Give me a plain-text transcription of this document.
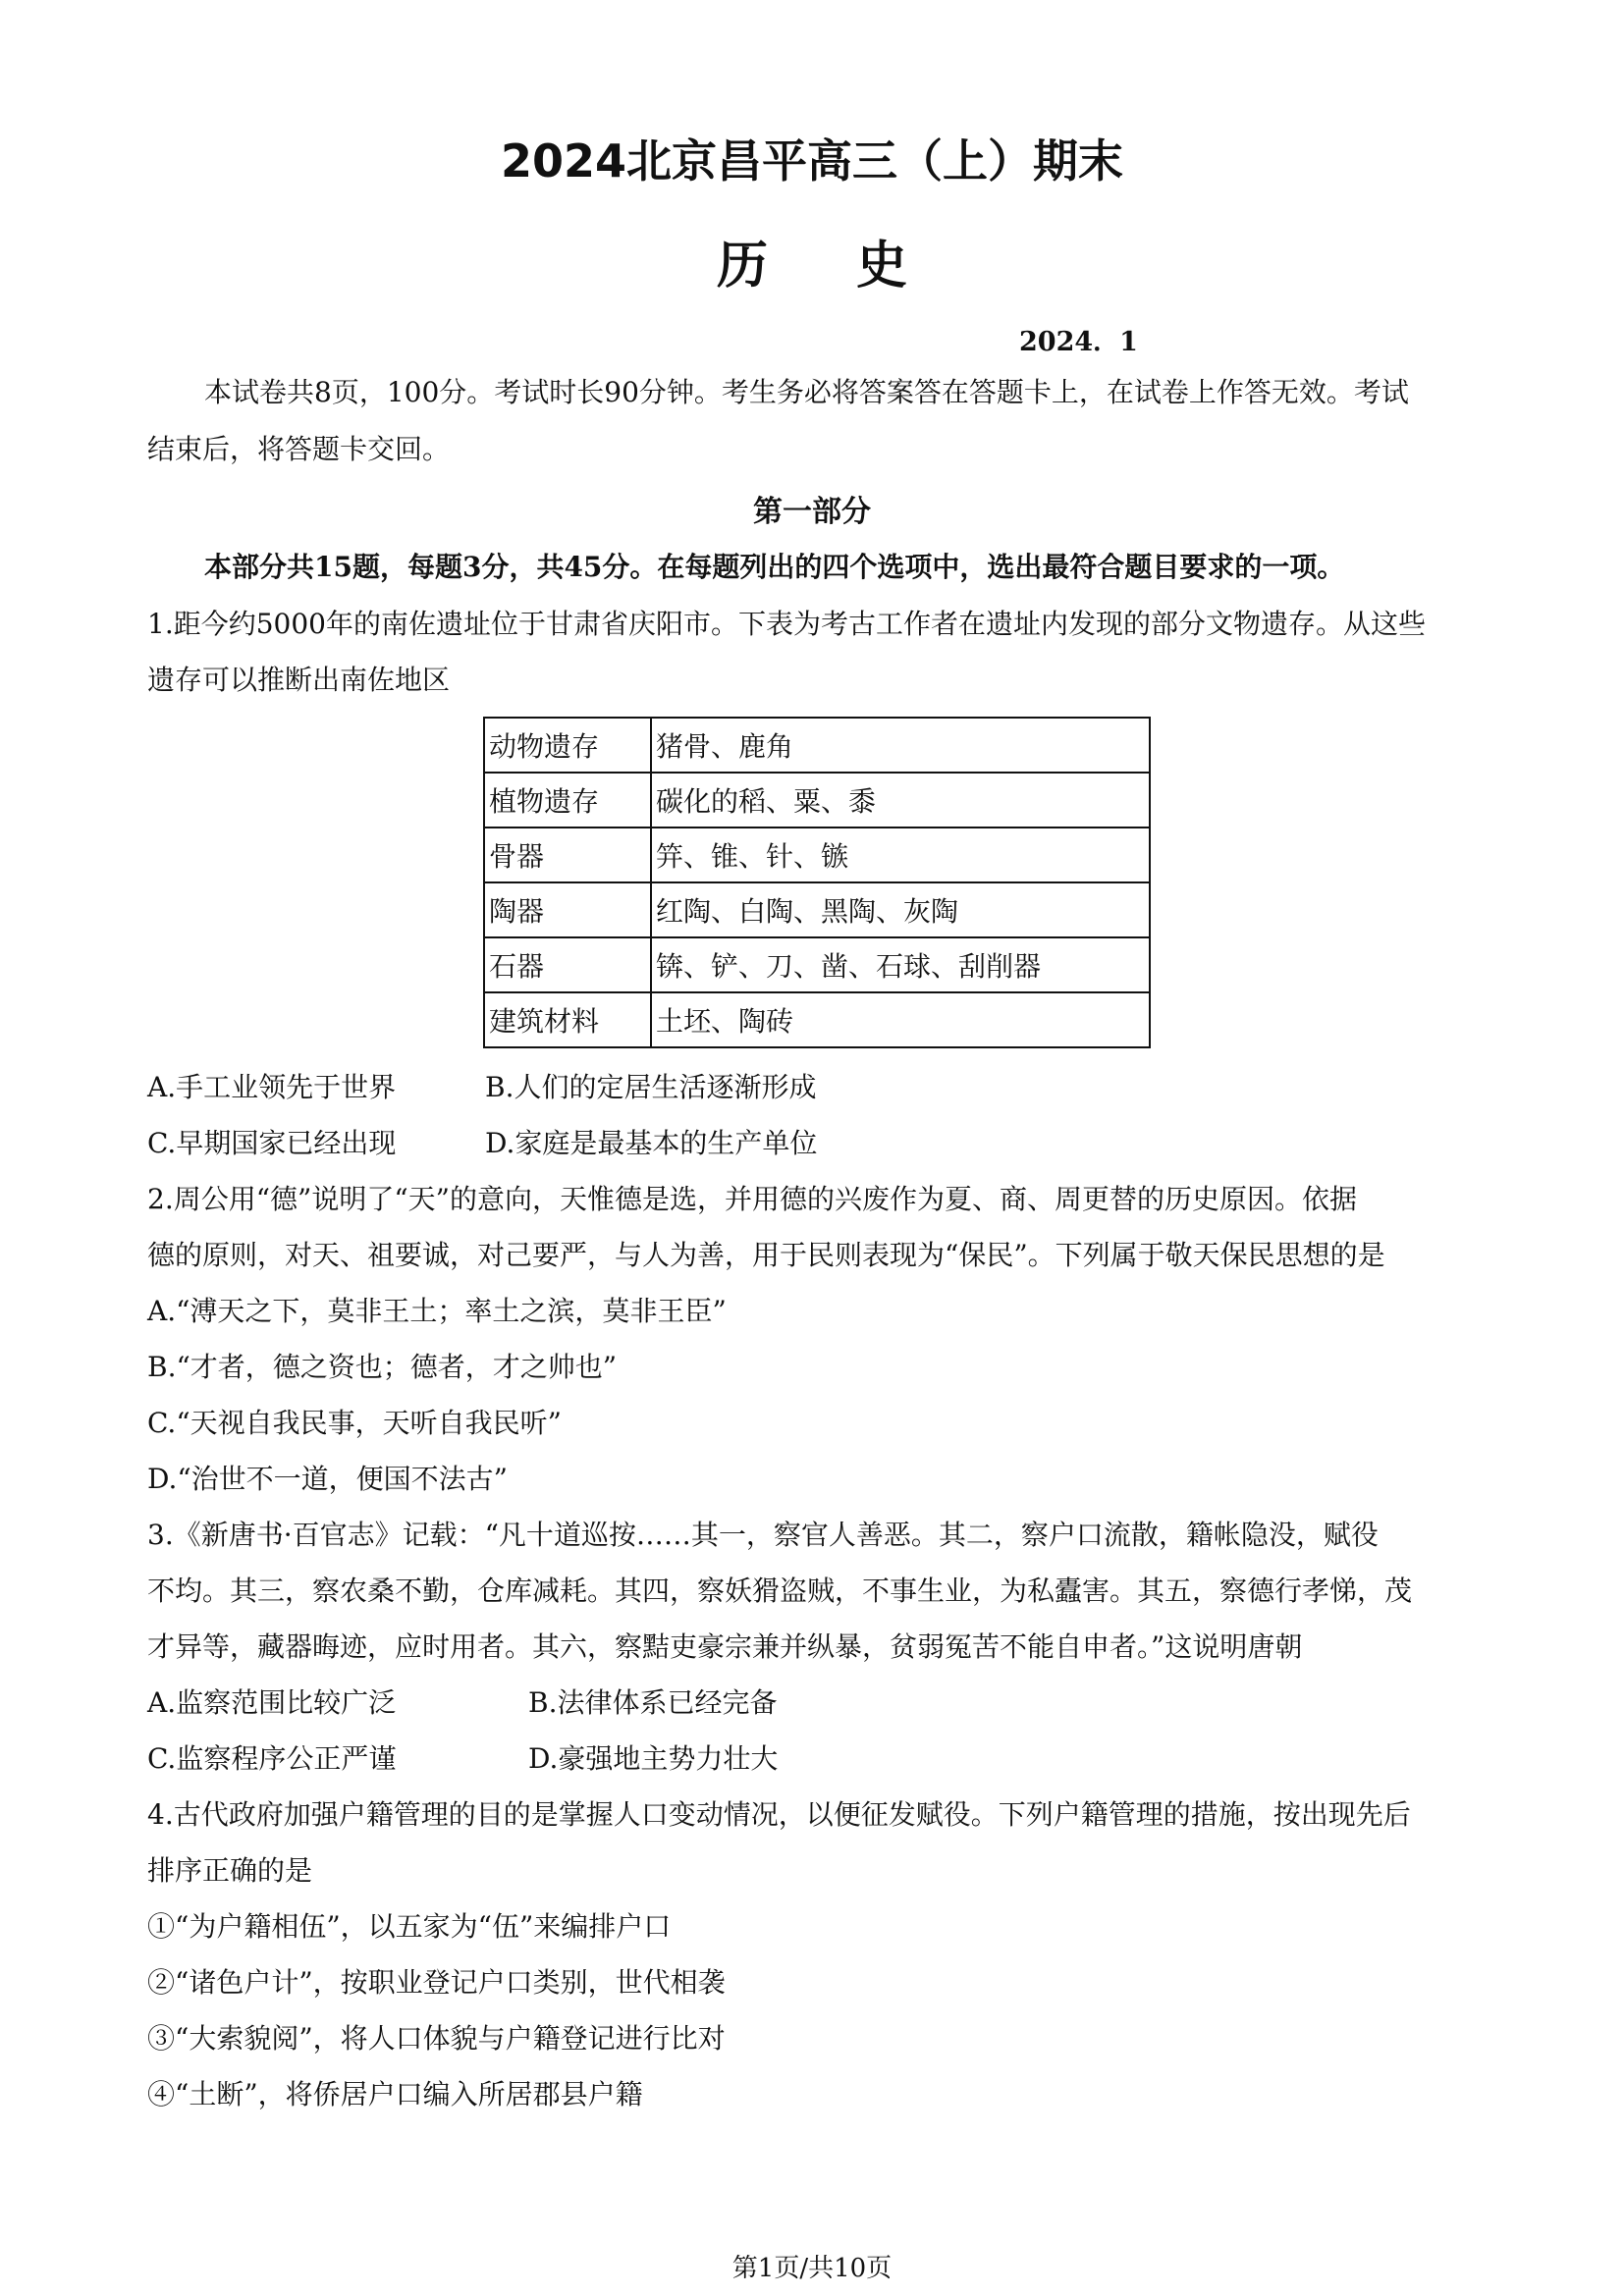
2024北京昌平高三（上）期末
历史
2024．1
本试卷共8页，100分。考试时长90分钟。考生务必将答案答在答题卡上，在试卷上作答无效。考试
结束后，将答题卡交回。
第一部分
本部分共15题，每题3分，共45分。在每题列出的四个选项中，选出最符合题目要求的一项。
1.距今约5000年的南佐遗址位于甘肃省庆阳市。下表为考古工作者在遗址内发现的部分文物遗存。从这些
遗存可以推断出南佐地区
动物遗存	猪骨、鹿角
植物遗存	碳化的稻、粟、黍
骨器	笄、锥、针、镞
陶器	红陶、白陶、黑陶、灰陶
石器	锛、铲、刀、凿、石球、刮削器
建筑材料	土坯、陶砖
A.手工业领先于世界	B.人们的定居生活逐渐形成
C.早期国家已经出现	D.家庭是最基本的生产单位
2.周公用“德”说明了“天”的意向，天惟德是选，并用德的兴废作为夏、商、周更替的历史原因。依据
德的原则，对天、祖要诚，对己要严，与人为善，用于民则表现为“保民”。下列属于敬天保民思想的是
A.“溥天之下，莫非王土；率土之滨，莫非王臣”
B.“才者，德之资也；德者，才之帅也”
C.“天视自我民事，天听自我民听”
D.“治世不一道，便国不法古”
3.《新唐书·百官志》记载：“凡十道巡按……其一，察官人善恶。其二，察户口流散，籍帐隐没，赋役
不均。其三，察农桑不勤，仓库减耗。其四，察妖猾盗贼，不事生业，为私蠹害。其五，察德行孝悌，茂
才异等，藏器晦迹，应时用者。其六，察黠吏豪宗兼并纵暴，贫弱冤苦不能自申者。”这说明唐朝
A.监察范围比较广泛	B.法律体系已经完备
C.监察程序公正严谨	D.豪强地主势力壮大
4.古代政府加强户籍管理的目的是掌握人口变动情况，以便征发赋役。下列户籍管理的措施，按出现先后
排序正确的是
①“为户籍相伍”，以五家为“伍”来编排户口
②“诸色户计”，按职业登记户口类别，世代相袭
③“大索貌阅”，将人口体貌与户籍登记进行比对
④“土断”，将侨居户口编入所居郡县户籍
第1页/共10页
